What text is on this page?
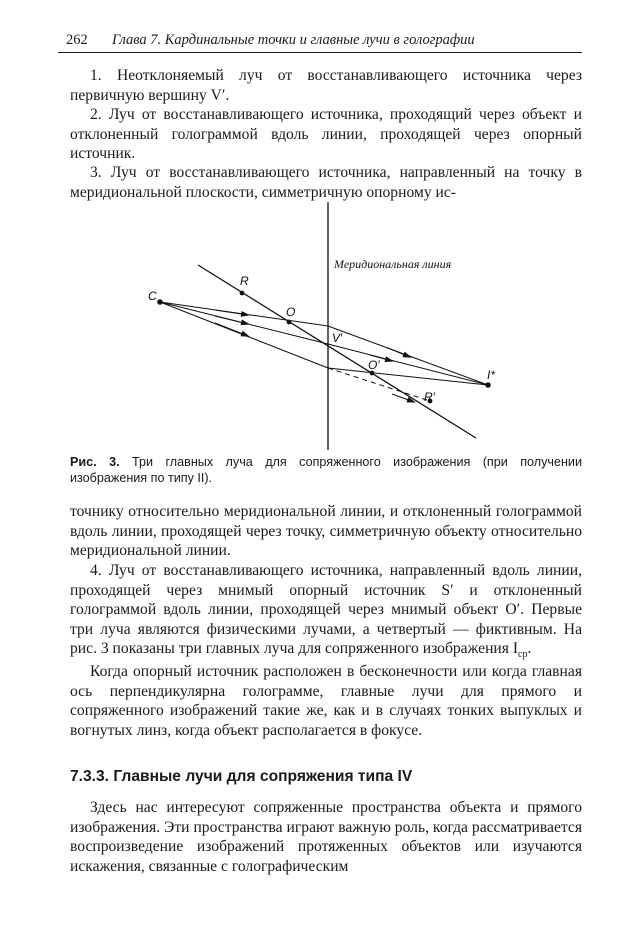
262 Глава 7. Кардинальные точки и главные лучи в голографии

1. Неотклоняемый луч от восстанавливающего источника через первичную вершину V′.

2. Луч от восстанавливающего источника, проходящий через объект и отклоненный голограммой вдоль линии, проходящей через опорный источник.

3. Луч от восстанавливающего источника, направленный на точку в меридиональной плоскости, симметричную опорному ис-

Меридиональная линия
C
R
O
V′
O′
R′
I*

Рис. 3. Три главных луча для сопряженного изображения (при получении изображения по типу II).

точнику относительно меридиональной линии, и отклоненный голограммой вдоль линии, проходящей через точку, симметричную объекту относительно меридиональной линии.

4. Луч от восстанавливающего источника, направленный вдоль линии, проходящей через мнимый опорный источник S′ и отклоненный голограммой вдоль линии, проходящей через мнимый объект O′. Первые три луча являются физическими лучами, а четвертый — фиктивным. На рис. 3 показаны три главных луча для сопряженного изображения $I_{cp}$.

Когда опорный источник расположен в бесконечности или когда главная ось перпендикулярна голограмме, главные лучи для прямого и сопряженного изображений такие же, как и в случаях тонких выпуклых и вогнутых линз, когда объект располагается в фокусе.

7.3.3. Главные лучи для сопряжения типа IV

Здесь нас интересуют сопряженные пространства объекта и прямого изображения. Эти пространства играют важную роль, когда рассматривается воспроизведение изображений протяженных объектов или изучаются искажения, связанные с голографическим
